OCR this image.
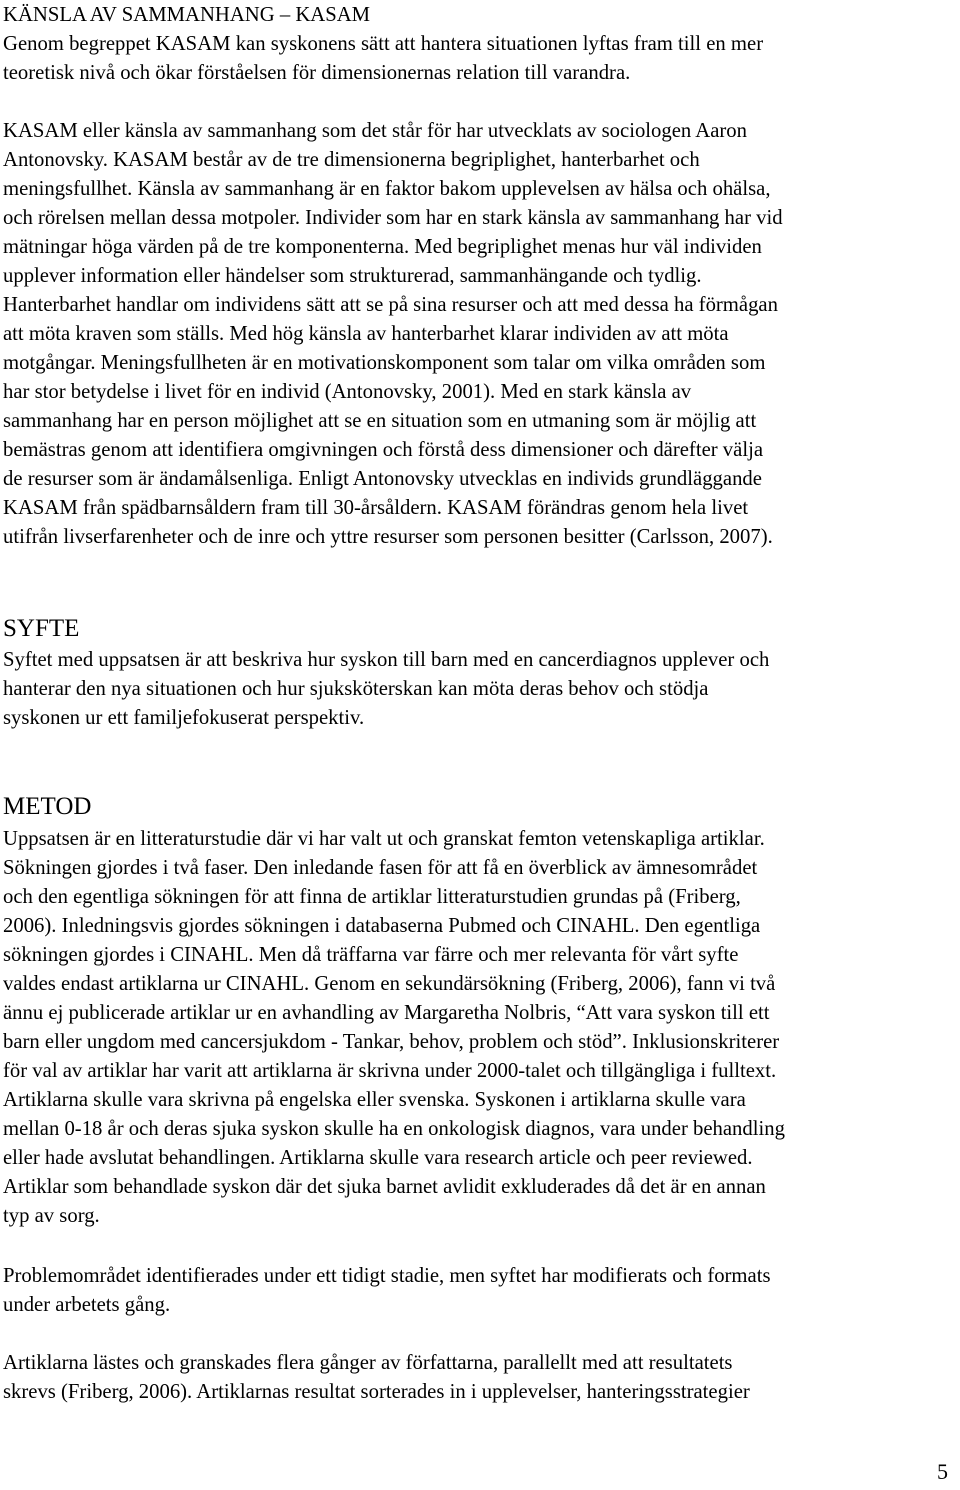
KÄNSLA AV SAMMANHANG – KASAM

Genom begreppet KASAM kan syskonens sätt att hantera situationen lyftas fram till en mer
teoretisk nivå och ökar förståelsen för dimensionernas relation till varandra.

KASAM eller känsla av sammanhang som det står för har utvecklats av sociologen Aaron
Antonovsky. KASAM består av de tre dimensionerna begriplighet, hanterbarhet och
meningsfullhet. Känsla av sammanhang är en faktor bakom upplevelsen av hälsa och ohälsa,
och rörelsen mellan dessa motpoler. Individer som har en stark känsla av sammanhang har vid
mätningar höga värden på de tre komponenterna. Med begriplighet menas hur väl individen
upplever information eller händelser som strukturerad, sammanhängande och tydlig.
Hanterbarhet handlar om individens sätt att se på sina resurser och att med dessa ha förmågan
att möta kraven som ställs. Med hög känsla av hanterbarhet klarar individen av att möta
motgångar. Meningsfullheten är en motivationskomponent som talar om vilka områden som
har stor betydelse i livet för en individ (Antonovsky, 2001). Med en stark känsla av
sammanhang har en person möjlighet att se en situation som en utmaning som är möjlig att
bemästras genom att identifiera omgivningen och förstå dess dimensioner och därefter välja
de resurser som är ändamålsenliga. Enligt Antonovsky utvecklas en individs grundläggande
KASAM från spädbarnsåldern fram till 30-årsåldern. KASAM förändras genom hela livet
utifrån livserfarenheter och de inre och yttre resurser som personen besitter (Carlsson, 2007).

SYFTE

Syftet med uppsatsen är att beskriva hur syskon till barn med en cancerdiagnos upplever och
hanterar den nya situationen och hur sjuksköterskan kan möta deras behov och stödja
syskonen ur ett familjefokuserat perspektiv.

METOD

Uppsatsen är en litteraturstudie där vi har valt ut och granskat femton vetenskapliga artiklar.
Sökningen gjordes i två faser. Den inledande fasen för att få en överblick av ämnesområdet
och den egentliga sökningen för att finna de artiklar litteraturstudien grundas på (Friberg,
2006). Inledningsvis gjordes sökningen i databaserna Pubmed och CINAHL. Den egentliga
sökningen gjordes i CINAHL. Men då träffarna var färre och mer relevanta för vårt syfte
valdes endast artiklarna ur CINAHL. Genom en sekundärsökning (Friberg, 2006), fann vi två
ännu ej publicerade artiklar ur en avhandling av Margaretha Nolbris, “Att vara syskon till ett
barn eller ungdom med cancersjukdom - Tankar, behov, problem och stöd”. Inklusionskriterer
för val av artiklar har varit att artiklarna är skrivna under 2000-talet och tillgängliga i fulltext.
Artiklarna skulle vara skrivna på engelska eller svenska. Syskonen i artiklarna skulle vara
mellan 0-18 år och deras sjuka syskon skulle ha en onkologisk diagnos, vara under behandling
eller hade avslutat behandlingen. Artiklarna skulle vara research article och peer reviewed.
Artiklar som behandlade syskon där det sjuka barnet avlidit exkluderades då det är en annan
typ av sorg.

Problemområdet identifierades under ett tidigt stadie, men syftet har modifierats och formats
under arbetets gång.

Artiklarna lästes och granskades flera gånger av författarna, parallellt med att resultatets
skrevs (Friberg, 2006). Artiklarnas resultat sorterades in i upplevelser, hanteringsstrategier

5
